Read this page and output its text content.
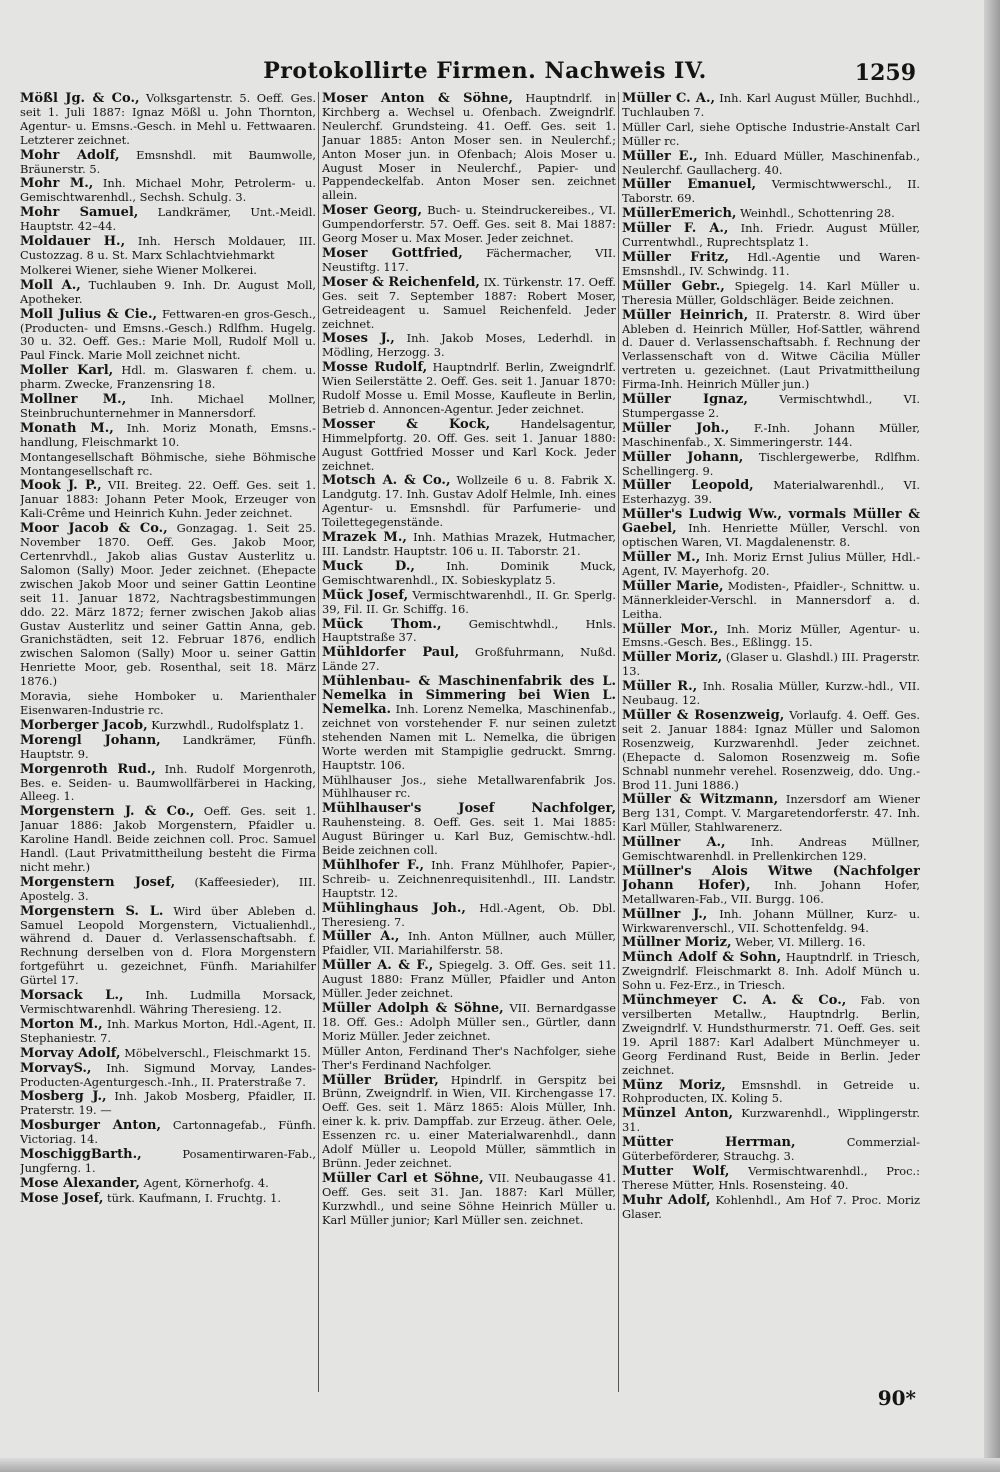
Protokollirte Firmen. Nachweis IV.	1259

Mößl Jg. & Co., Volksgartenstr. 5. Oeff. Ges. seit 1. Juli 1887: Ignaz Mößl u. John Thornton, Agentur- u. Emsns.-Gesch. in Mehl u. Fettwaaren. Letzterer zeichnet.

Mohr Adolf, Emsnshdl. mit Baumwolle, Bräunerstr. 5.

Mohr M., Inh. Michael Mohr, Petrolerm- u. Gemischtwarenhdl., Sechsh. Schulg. 3.

Mohr Samuel, Landkrämer, Unt.-Meidl. Hauptstr. 42–44.

Moldauer H., Inh. Hersch Moldauer, III. Custozzag. 8 u. St. Marx Schlachtviehmarkt

Molkerei Wiener, siehe Wiener Molkerei.

Moll A., Tuchlauben 9. Inh. Dr. August Moll, Apotheker.

Moll Julius & Cie., Fettwaren-en gros-Gesch., (Producten- und Emsns.-Gesch.) Rdlfhm. Hugelg. 30 u. 32. Oeff. Ges.: Marie Moll, Rudolf Moll u. Paul Finck. Marie Moll zeichnet nicht.

Moller Karl, Hdl. m. Glaswaren f. chem. u. pharm. Zwecke, Franzensring 18.

Mollner M., Inh. Michael Mollner, Steinbruchunternehmer in Mannersdorf.

Monath M., Inh. Moriz Monath, Emsns.-handlung, Fleischmarkt 10.

Montangesellschaft Böhmische, siehe Böhmische Montangesellschaft rc.

Mook J. P., VII. Breiteg. 22. Oeff. Ges. seit 1. Januar 1883: Johann Peter Mook, Erzeuger von Kali-Crême und Heinrich Kuhn. Jeder zeichnet.

Moor Jacob & Co., Gonzagag. 1. Seit 25. November 1870. Oeff. Ges. Jakob Moor, Certenrvhdl., Jakob alias Gustav Austerlitz u. Salomon (Sally) Moor. Jeder zeichnet. (Ehepacte zwischen Jakob Moor und seiner Gattin Leontine seit 11. Januar 1872, Nachtragsbestimmungen ddo. 22. März 1872; ferner zwischen Jakob alias Gustav Austerlitz und seiner Gattin Anna, geb. Granichstädten, seit 12. Februar 1876, endlich zwischen Salomon (Sally) Moor u. seiner Gattin Henriette Moor, geb. Rosenthal, seit 18. März 1876.)

Moravia, siehe Homboker u. Marienthaler Eisenwaren-Industrie rc.

Morberger Jacob, Kurzwhdl., Rudolfsplatz 1.

Morengl Johann, Landkrämer, Fünfh. Hauptstr. 9.

Morgenroth Rud., Inh. Rudolf Morgenroth, Bes. e. Seiden- u. Baumwollfärberei in Hacking, Alleeg. 1.

Morgenstern J. & Co., Oeff. Ges. seit 1. Januar 1886: Jakob Morgenstern, Pfaidler u. Karoline Handl. Beide zeichnen coll. Proc. Samuel Handl. (Laut Privatmittheilung besteht die Firma nicht mehr.)

Morgenstern Josef, (Kaffeesieder), III. Apostelg. 3.

Morgenstern S. L. Wird über Ableben d. Samuel Leopold Morgenstern, Victualienhdl., während d. Dauer d. Verlassenschaftsabh. f. Rechnung derselben von d. Flora Morgenstern fortgeführt u. gezeichnet, Fünfh. Mariahilfer Gürtel 17.

Morsack L., Inh. Ludmilla Morsack, Vermischtwarenhdl. Währing Theresieng. 12.

Morton M., Inh. Markus Morton, Hdl.-Agent, II. Stephaniestr. 7.

Morvay Adolf, Möbelverschl., Fleischmarkt 15.

MorvayS., Inh. Sigmund Morvay, Landes-Producten-Agenturgesch.-Inh., II. Praterstraße 7.

Mosberg J., Inh. Jakob Mosberg, Pfaidler, II. Praterstr. 19. —

Mosburger Anton, Cartonnagefab., Fünfh. Victoriag. 14.

MoschiggBarth.,	Posamentirwaren-Fab., Jungferng. 1.

Mose Alexander, Agent, Körnerhofg. 4.

Mose Josef, türk. Kaufmann, I. Fruchtg. 1.

Moser Anton & Söhne, Hauptndrlf. in Kirchberg a. Wechsel u. Ofenbach. Zweigndrlf. Neulerchf. Grundsteing. 41. Oeff. Ges. seit 1. Januar 1885: Anton Moser sen. in Neulerchf.; Anton Moser jun. in Ofenbach; Alois Moser u. August Moser in Neulerchf., Papier- und Pappendeckelfab. Anton Moser sen. zeichnet allein.

Moser Georg, Buch- u. Steindruckereibes., VI. Gumpendorferstr. 57. Oeff. Ges. seit 8. Mai 1887: Georg Moser u. Max Moser. Jeder zeichnet.

Moser Gottfried, Fächermacher, VII. Neustiftg. 117.

Moser & Reichenfeld, IX. Türkenstr. 17. Oeff. Ges. seit 7. September 1887: Robert Moser, Getreideagent u. Samuel Reichenfeld. Jeder zeichnet.

Moses J., Inh. Jakob Moses, Lederhdl. in Mödling, Herzogg. 3.

Mosse Rudolf, Hauptndrlf. Berlin, Zweigndrlf. Wien Seilerstätte 2. Oeff. Ges. seit 1. Januar 1870: Rudolf Mosse u. Emil Mosse, Kaufleute in Berlin, Betrieb d. Annoncen-Agentur. Jeder zeichnet.

Mosser & Kock,	Handelsagentur, Himmelpfortg. 20. Off. Ges. seit 1. Januar 1880: August Gottfried Mosser und Karl Kock. Jeder zeichnet.

Motsch A. & Co., Wollzeile 6 u. 8. Fabrik X. Landgutg. 17. Inh. Gustav Adolf Helmle, Inh. eines Agentur- u. Emsnshdl. für Parfumerie- und Toilettegegenstände.

Mrazek M., Inh. Mathias Mrazek, Hutmacher, III. Landstr. Hauptstr. 106 u. II. Taborstr. 21.

Muck D.,	Inh. Dominik Muck, Gemischtwarenhdl., IX. Sobieskyplatz 5.

Mück Josef, Vermischtwarenhdl., II. Gr. Sperlg. 39, Fil. II. Gr. Schiffg. 16.

Mück Thom., Gemischtwhdl., Hnls. Hauptstraße 37.

Mühldorfer Paul, Großfuhrmann, Nußd. Lände 27.

Mühlenbau- & Maschinenfabrik des L. Nemelka in Simmering bei Wien L. Nemelka. Inh. Lorenz Nemelka, Maschinenfab., zeichnet von vorstehender F. nur seinen zuletzt stehenden Namen mit L. Nemelka, die übrigen Worte werden mit Stampiglie gedruckt. Smrng. Hauptstr. 106.

Mühlhauser Jos., siehe Metallwarenfabrik Jos. Mühlhauser rc.

Mühlhauser's Josef Nachfolger, Rauhensteing. 8. Oeff. Ges. seit 1. Mai 1885: August Büringer u. Karl Buz, Gemischtw.-hdl. Beide zeichnen coll.

Mühlhofer F., Inh. Franz Mühlhofer, Papier-, Schreib- u. Zeichnenrequisitenhdl., III. Landstr. Hauptstr. 12.

Mühlinghaus Joh., Hdl.-Agent, Ob. Dbl. Theresieng. 7.

Müller A., Inh. Anton Müllner, auch Müller, Pfaidler, VII. Mariahilferstr. 58.

Müller A. & F., Spiegelg. 3. Off. Ges. seit 11. August 1880: Franz Müller, Pfaidler und Anton Müller. Jeder zeichnet.

Müller Adolph & Söhne, VII. Bernardgasse 18. Off. Ges.: Adolph Müller sen., Gürtler, dann Moriz Müller. Jeder zeichnet.

Müller Anton, Ferdinand Ther's Nachfolger, siehe Ther's Ferdinand Nachfolger.

Müller Brüder, Hpindrlf. in Gerspitz bei Brünn, Zweigndrlf. in Wien, VII. Kirchengasse 17. Oeff. Ges. seit 1. März 1865: Alois Müller, Inh. einer k. k. priv. Dampffab. zur Erzeug. äther. Oele, Essenzen rc. u. einer Materialwarenhdl., dann Adolf Müller u. Leopold Müller, sämmtlich in Brünn. Jeder zeichnet.

Müller Carl et Söhne, VII. Neubaugasse 41. Oeff. Ges. seit 31. Jan. 1887: Karl Müller, Kurzwhdl., und seine Söhne Heinrich Müller u. Karl Müller junior; Karl Müller sen. zeichnet.

Müller C. A., Inh. Karl August Müller, Buchhdl., Tuchlauben 7.

Müller Carl, siehe Optische Industrie-Anstalt Carl Müller rc.

Müller E., Inh. Eduard Müller, Maschinenfab., Neulerchf. Gaullacherg. 40.

Müller Emanuel, Vermischtwwerschl., II. Taborstr. 69.

MüllerEmerich, Weinhdl., Schottenring 28.

Müller F. A., Inh. Friedr. August Müller, Currentwhdl., Ruprechtsplatz 1.

Müller Fritz, Hdl.-Agentie und Waren-Emsnshdl., IV. Schwindg. 11.

Müller Gebr., Spiegelg. 14. Karl Müller u. Theresia Müller, Goldschläger. Beide zeichnen.

Müller Heinrich, II. Praterstr. 8. Wird über Ableben d. Heinrich Müller, Hof-Sattler, während d. Dauer d. Verlassenschaftsabh. f. Rechnung der Verlassenschaft von d. Witwe Cäcilia Müller vertreten u. gezeichnet. (Laut Privatmittheilung Firma-Inh. Heinrich Müller jun.)

Müller Ignaz,	Vermischtwhdl., VI. Stumpergasse 2.

Müller Joh., F.-Inh. Johann Müller, Maschinenfab., X. Simmeringerstr. 144.

Müller Johann, Tischlergewerbe, Rdlfhm. Schellingerg. 9.

Müller Leopold, Materialwarenhdl., VI. Esterhazyg. 39.

Müller's Ludwig Ww., vormals Müller & Gaebel, Inh. Henriette Müller, Verschl. von optischen Waren, VI. Magdalenenstr. 8.

Müller M., Inh. Moriz Ernst Julius Müller, Hdl.-Agent, IV. Mayerhofg. 20.

Müller Marie, Modisten-, Pfaidler-, Schnittw. u. Männerkleider-Verschl. in Mannersdorf a. d. Leitha.

Müller Mor., Inh. Moriz Müller, Agentur- u. Emsns.-Gesch. Bes., Eßlingg. 15.

Müller Moriz, (Glaser u. Glashdl.) III. Pragerstr. 13.

Müller R., Inh. Rosalia Müller, Kurzw.-hdl., VII. Neubaug. 12.

Müller & Rosenzweig, Vorlaufg. 4. Oeff. Ges. seit 2. Januar 1884: Ignaz Müller und Salomon Rosenzweig, Kurzwarenhdl. Jeder zeichnet. (Ehepacte d. Salomon Rosenzweig m. Sofie Schnabl nunmehr verehel. Rosenzweig, ddo. Ung.-Brod 11. Juni 1886.)

Müller & Witzmann, Inzersdorf am Wiener Berg 131, Compt. V. Margaretendorferstr. 47. Inh. Karl Müller, Stahlwarenerz.

Müllner A., Inh. Andreas Müllner, Gemischtwarenhdl. in Prellenkirchen 129.

Müllner's Alois Witwe (Nachfolger Johann Hofer), Inh. Johann Hofer, Metallwaren-Fab., VII. Burgg. 106.

Müllner J., Inh. Johann Müllner, Kurz- u. Wirkwarenverschl., VII. Schottenfeldg. 94.

Müllner Moriz, Weber, VI. Millerg. 16.

Münch Adolf & Sohn, Hauptndrlf. in Triesch, Zweigndrlf. Fleischmarkt 8. Inh. Adolf Münch u. Sohn u. Fez-Erz., in Triesch.

Münchmeyer C. A. & Co., Fab. von versilberten Metallw., Hauptndrlg. Berlin, Zweigndrlf. V. Hundsthurmerstr. 71. Oeff. Ges. seit 19. April 1887: Karl Adalbert Münchmeyer u. Georg Ferdinand Rust, Beide in Berlin. Jeder zeichnet.

Münz Moriz, Emsnshdl. in Getreide u. Rohproducten, IX. Koling 5.

Münzel Anton, Kurzwarenhdl., Wipplingerstr. 31.

Mütter Herrman,	Commerzial-Güterbeförderer, Strauchg. 3.

Mutter Wolf, Vermischtwarenhdl., Proc.: Therese Mütter, Hnls. Rosensteing. 40.

Muhr Adolf, Kohlenhdl., Am Hof 7. Proc. Moriz Glaser.

90*
